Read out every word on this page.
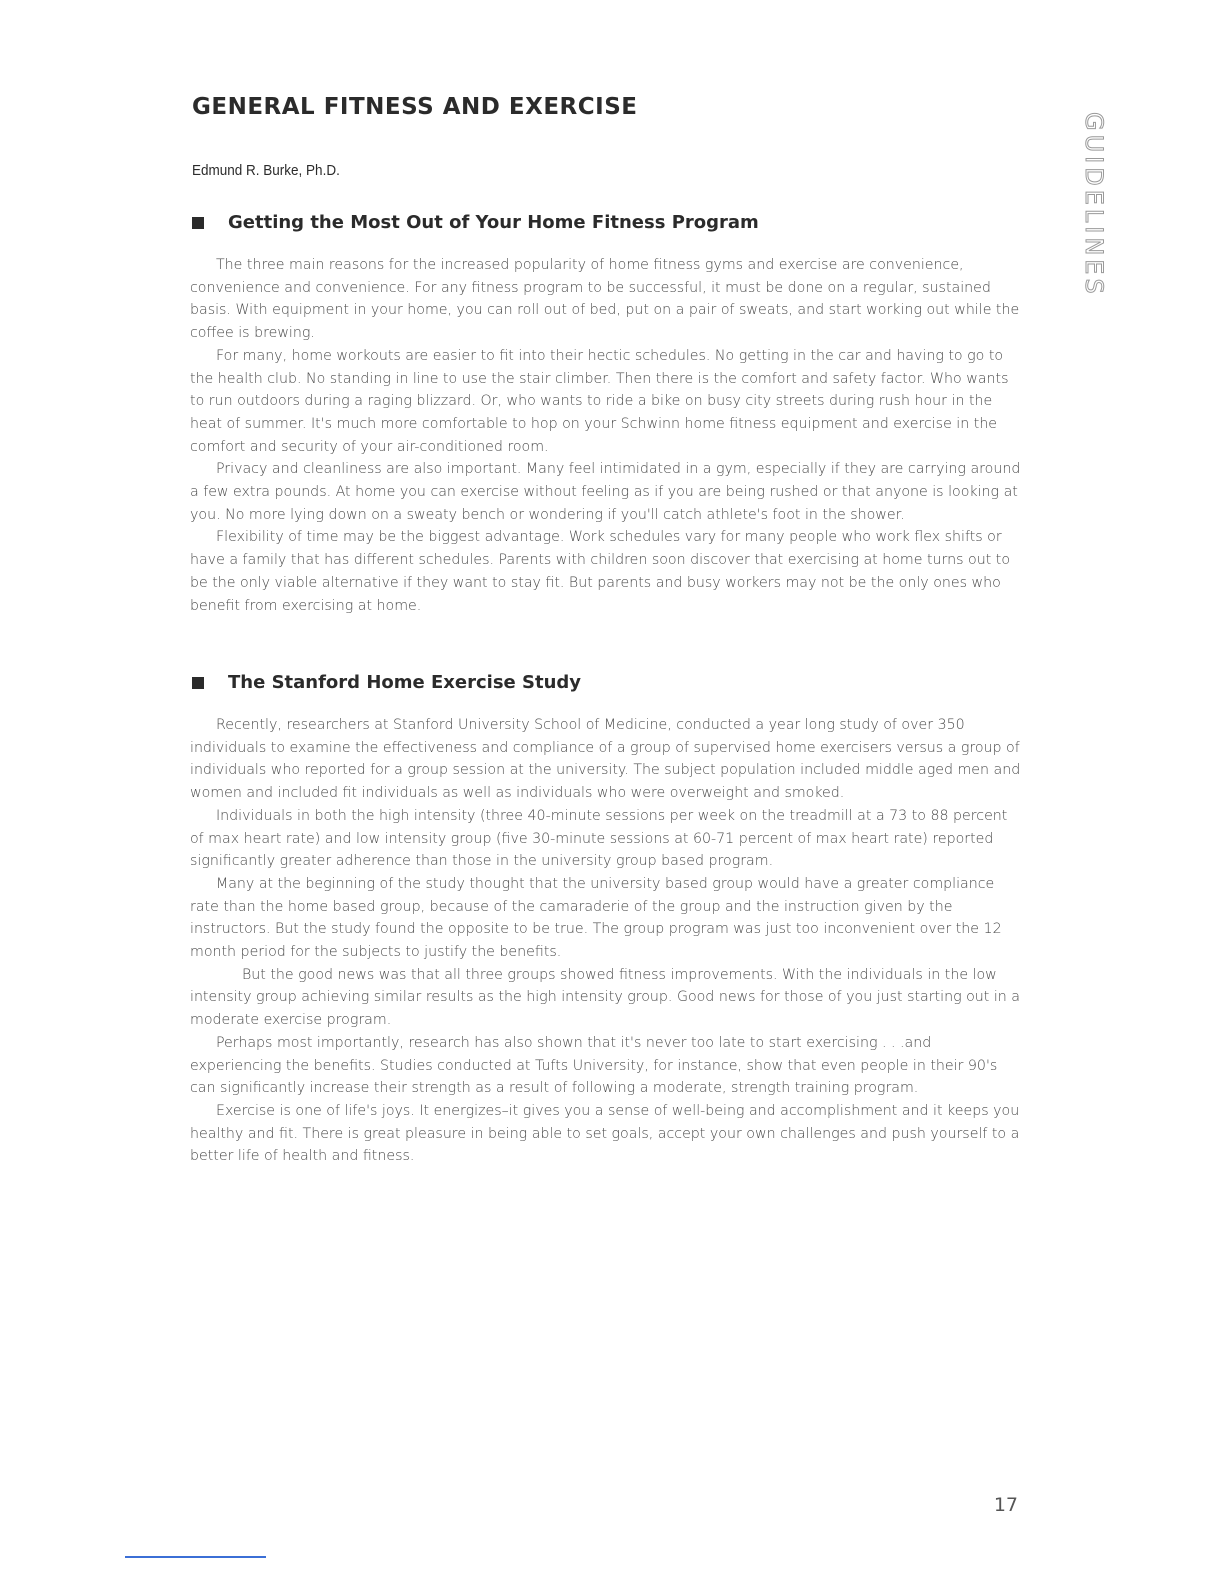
GENERAL FITNESS AND EXERCISE
Edmund R. Burke, Ph.D.	GUIDELINES
Getting the Most Out of Your Home Fitness Program

The three main reasons for the increased popularity of home fitness gyms and exercise are convenience, convenience and convenience. For any fitness program to be successful, it must be done on a regular, sustained basis. With equipment in your home, you can roll out of bed, put on a pair of sweats, and start working out while the coffee is brewing.

For many, home workouts are easier to fit into their hectic schedules. No getting in the car and having to go to the health club. No standing in line to use the stair climber. Then there is the comfort and safety factor. Who wants to run outdoors during a raging blizzard. Or, who wants to ride a bike on busy city streets during rush hour in the heat of summer. It's much more comfortable to hop on your Schwinn home fitness equipment and exercise in the comfort and security of your air-conditioned room.

Privacy and cleanliness are also important. Many feel intimidated in a gym, especially if they are carrying around a few extra pounds. At home you can exercise without feeling as if you are being rushed or that anyone is looking at you. No more lying down on a sweaty bench or wondering if you'll catch athlete's foot in the shower.

Flexibility of time may be the biggest advantage. Work schedules vary for many people who work flex shifts or have a family that has different schedules. Parents with children soon discover that exercising at home turns out to be the only viable alternative if they want to stay fit. But parents and busy workers may not be the only ones who benefit from exercising at home.

The Stanford Home Exercise Study

Recently, researchers at Stanford University School of Medicine, conducted a year long study of over 350 individuals to examine the effectiveness and compliance of a group of supervised home exercisers versus a group of individuals who reported for a group session at the university. The subject population included middle aged men and women and included fit individuals as well as individuals who were overweight and smoked.

Individuals in both the high intensity (three 40-minute sessions per week on the treadmill at a 73 to 88 percent of max heart rate) and low intensity group (five 30-minute sessions at 60-71 percent of max heart rate) reported significantly greater adherence than those in the university group based program.

Many at the beginning of the study thought that the university based group would have a greater compliance rate than the home based group, because of the camaraderie of the group and the instruction given by the instructors. But the study found the opposite to be true. The group program was just too inconvenient over the 12 month period for the subjects to justify the benefits.

But the good news was that all three groups showed fitness improvements. With the individuals in the low intensity group achieving similar results as the high intensity group. Good news for those of you just starting out in a moderate exercise program.

Perhaps most importantly, research has also shown that it's never too late to start exercising . . .and experiencing the benefits. Studies conducted at Tufts University, for instance, show that even people in their 90's can significantly increase their strength as a result of following a moderate, strength training program.

Exercise is one of life's joys. It energizes–it gives you a sense of well-being and accomplishment and it keeps you healthy and fit. There is great pleasure in being able to set goals, accept your own challenges and push yourself to a better life of health and fitness.

17
